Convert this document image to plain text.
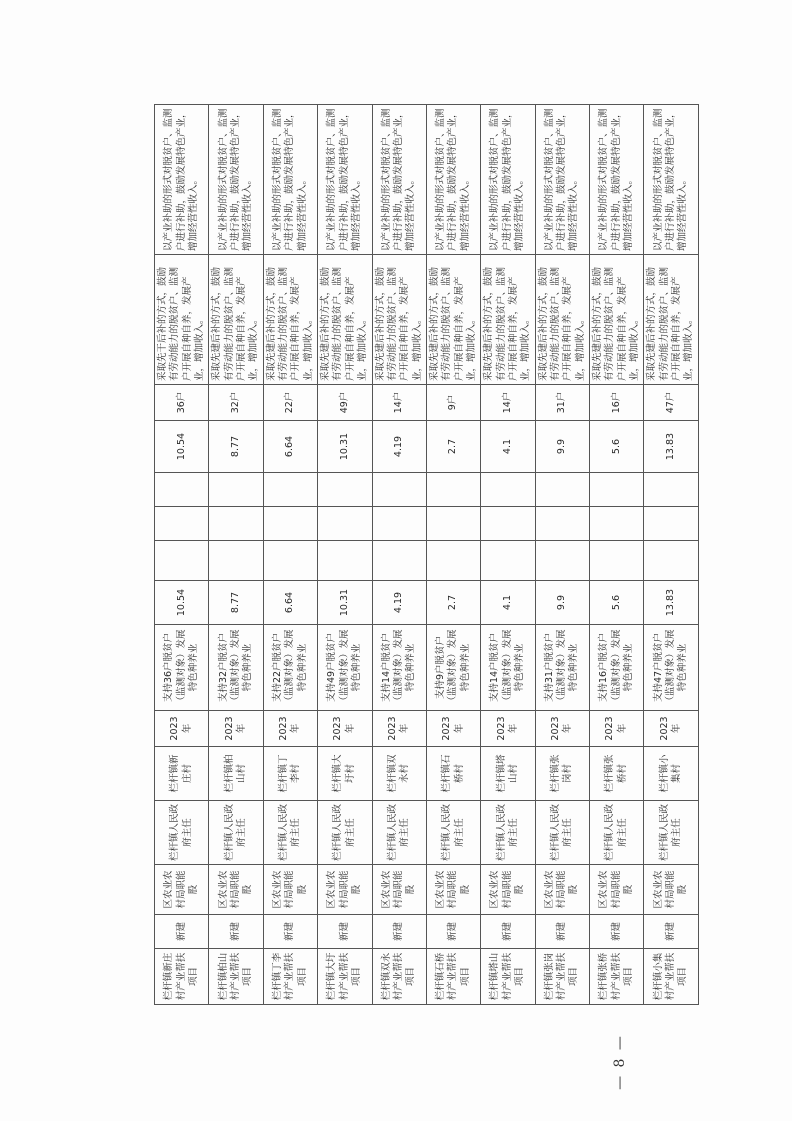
栏杆镇新庄村产业帮扶项目	新建	区农业农村局职能股	栏杆镇人民政府主任	栏杆镇新庄村	2023年	支持36户脱贫户（监测对象）发展特色种养业	10.54				10.54	36户	采取先干后补的方式，鼓励有劳动能力的脱贫户、监测户开展自种自养，发展产业，增加收入。	以产业补助的形式对脱贫户、监测户进行补助，鼓励发展特色产业，增加经营性收入。
栏杆镇柏山村产业帮扶项目	新建	区农业农村局职能股	栏杆镇人民政府主任	栏杆镇柏山村	2023年	支持32户脱贫户（监测对象）发展特色种养业	8.77				8.77	32户	采取先建后补的方式，鼓励有劳动能力的脱贫户、监测户开展自种自养，发展产业，增加收入。	以产业补助的形式对脱贫户、监测户进行补助，鼓励发展特色产业，增加经营性收入。
栏杆镇丁李村产业帮扶项目	新建	区农业农村局职能股	栏杆镇人民政府主任	栏杆镇丁李村	2023年	支持22户脱贫户（监测对象）发展特色种养业	6.64				6.64	22户	采取先建后补的方式，鼓励有劳动能力的脱贫户、监测户开展自种自养，发展产业，增加收入。	以产业补助的形式对脱贫户、监测户进行补助，鼓励发展特色产业，增加经营性收入。
栏杆镇大圩村产业帮扶项目	新建	区农业农村局职能股	栏杆镇人民政府主任	栏杆镇大圩村	2023年	支持49户脱贫户（监测对象）发展特色种养业	10.31				10.31	49户	采取先建后补的方式，鼓励有劳动能力的脱贫户、监测户开展自种自养，发展产业，增加收入。	以产业补助的形式对脱贫户、监测户进行补助，鼓励发展特色产业，增加经营性收入。
栏杆镇双永村产业帮扶项目	新建	区农业农村局职能股	栏杆镇人民政府主任	栏杆镇双永村	2023年	支持14户脱贫户（监测对象）发展特色种养业	4.19				4.19	14户	采取先建后补的方式，鼓励有劳动能力的脱贫户、监测户开展自种自养，发展产业，增加收入。	以产业补助的形式对脱贫户、监测户进行补助，鼓励发展特色产业，增加经营性收入。
栏杆镇石桥村产业帮扶项目	新建	区农业农村局职能股	栏杆镇人民政府主任	栏杆镇石桥村	2023年	支持9户脱贫户（监测对象）发展特色种养业	2.7				2.7	9户	采取先建后补的方式，鼓励有劳动能力的脱贫户、监测户开展自种自养，发展产业，增加收入。	以产业补助的形式对脱贫户、监测户进行补助，鼓励发展特色产业，增加经营性收入。
栏杆镇塔山村产业帮扶项目	新建	区农业农村局职能股	栏杆镇人民政府主任	栏杆镇塔山村	2023年	支持14户脱贫户（监测对象）发展特色种养业	4.1				4.1	14户	采取先建后补的方式，鼓励有劳动能力的脱贫户、监测户开展自种自养，发展产业，增加收入。	以产业补助的形式对脱贫户、监测户进行补助，鼓励发展特色产业，增加经营性收入。
栏杆镇张岗村产业帮扶项目	新建	区农业农村局职能股	栏杆镇人民政府主任	栏杆镇张岗村	2023年	支持31户脱贫户（监测对象）发展特色种养业	9.9				9.9	31户	采取先建后补的方式，鼓励有劳动能力的脱贫户、监测户开展自种自养，发展产业，增加收入。	以产业补助的形式对脱贫户、监测户进行补助，鼓励发展特色产业，增加经营性收入。
栏杆镇张桥村产业帮扶项目	新建	区农业农村局职能股	栏杆镇人民政府主任	栏杆镇张桥村	2023年	支持16户脱贫户（监测对象）发展特色种养业	5.6				5.6	16户	采取先建后补的方式，鼓励有劳动能力的脱贫户、监测户开展自种自养，发展产业，增加收入。	以产业补助的形式对脱贫户、监测户进行补助，鼓励发展特色产业，增加经营性收入。
栏杆镇小集村产业帮扶项目	新建	区农业农村局职能股	栏杆镇人民政府主任	栏杆镇小集村	2023年	支持47户脱贫户（监测对象）发展特色种养业	13.83				13.83	47户	采取先建后补的方式，鼓励有劳动能力的脱贫户、监测户开展自种自养，发展产业，增加收入。	以产业补助的形式对脱贫户、监测户进行补助，鼓励发展特色产业，增加经营性收入。
— 8 —
